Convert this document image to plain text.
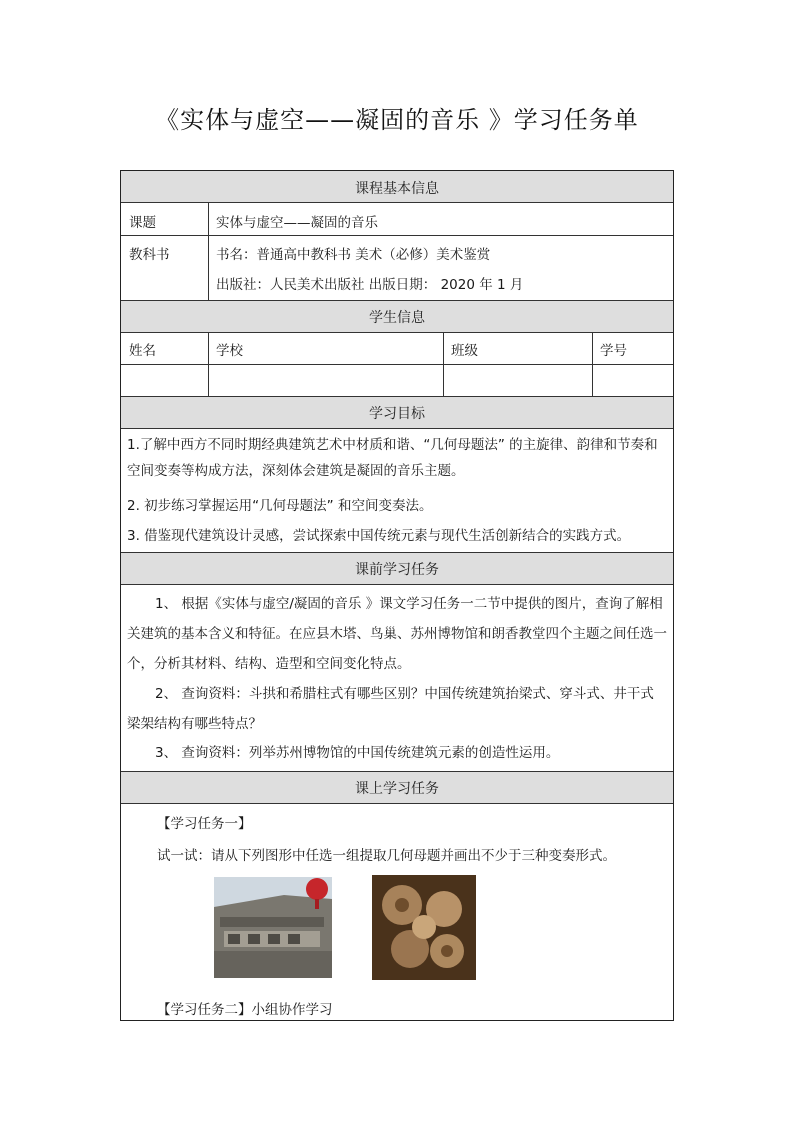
《实体与虚空——凝固的音乐 》学习任务单
课程基本信息
学生信息
学习目标
课前学习任务
课上学习任务
课题	实体与虚空——凝固的音乐
教科书	书名：普通高中教科书 美术（必修）美术鉴赏
出版社：人民美术出版社 出版日期： 2020 年 1 月
姓名	学校	班级	学号
1.了解中西方不同时期经典建筑艺术中材质和谐、“几何母题法” 的主旋律、韵律和节奏和空间变奏等构成方法，深刻体会建筑是凝固的音乐主题。
2. 初步练习掌握运用“几何母题法” 和空间变奏法。
3. 借鉴现代建筑设计灵感，尝试探索中国传统元素与现代生活创新结合的实践方式。
1、 根据《实体与虚空/凝固的音乐 》课文学习任务一二节中提供的图片，查询了解相关建筑的基本含义和特征。在应县木塔、鸟巢、苏州博物馆和朗香教堂四个主题之间任选一个，分析其材料、结构、造型和空间变化特点。
2、 查询资料：斗拱和希腊柱式有哪些区别？中国传统建筑抬梁式、穿斗式、井干式梁架结构有哪些特点？
3、 查询资料：列举苏州博物馆的中国传统建筑元素的创造性运用。
【学习任务一】
试一试：请从下列图形中任选一组提取几何母题并画出不少于三种变奏形式。
【学习任务二】小组协作学习
